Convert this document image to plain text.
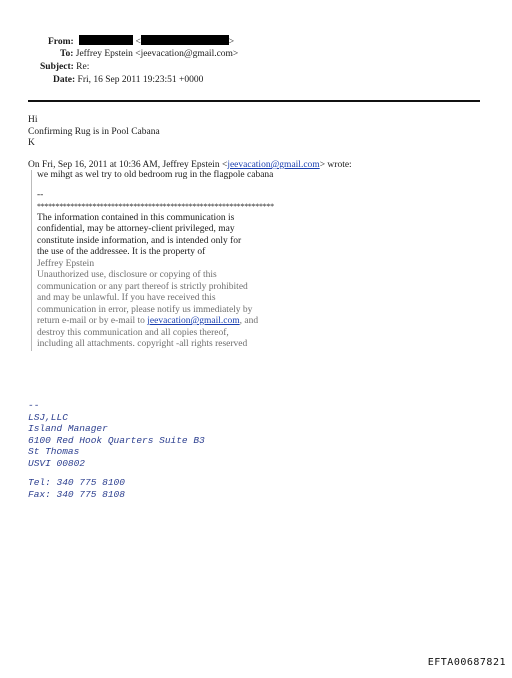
From:	<	>
To: Jeffrey Epstein <jeevacation@gmail.com>
Subject: Re:
Date: Fri, 16 Sep 2011 19:23:51 +0000
Hi
Confirming Rug is in Pool Cabana
K
On Fri, Sep 16, 2011 at 10:36 AM, Jeffrey Epstein <jeevacation@gmail.com> wrote:
we mihgt as wel try to old bedroom rug in the flagpole cabana
--
****************************************************************
The information contained in this communication is
confidential, may be attorney-client privileged, may
constitute inside information, and is intended only for
the use of the addressee. It is the property of
Jeffrey Epstein
Unauthorized use, disclosure or copying of this
communication or any part thereof is strictly prohibited
and may be unlawful. If you have received this
communication in error, please notify us immediately by
return e-mail or by e-mail to jeevacation@gmail.com, and
destroy this communication and all copies thereof,
including all attachments. copyright -all rights reserved
--
LSJ,LLC
Island Manager
6100 Red Hook Quarters Suite B3
St Thomas
USVI 00802
Tel: 340 775 8100
Fax: 340 775 8108
EFTA00687821
